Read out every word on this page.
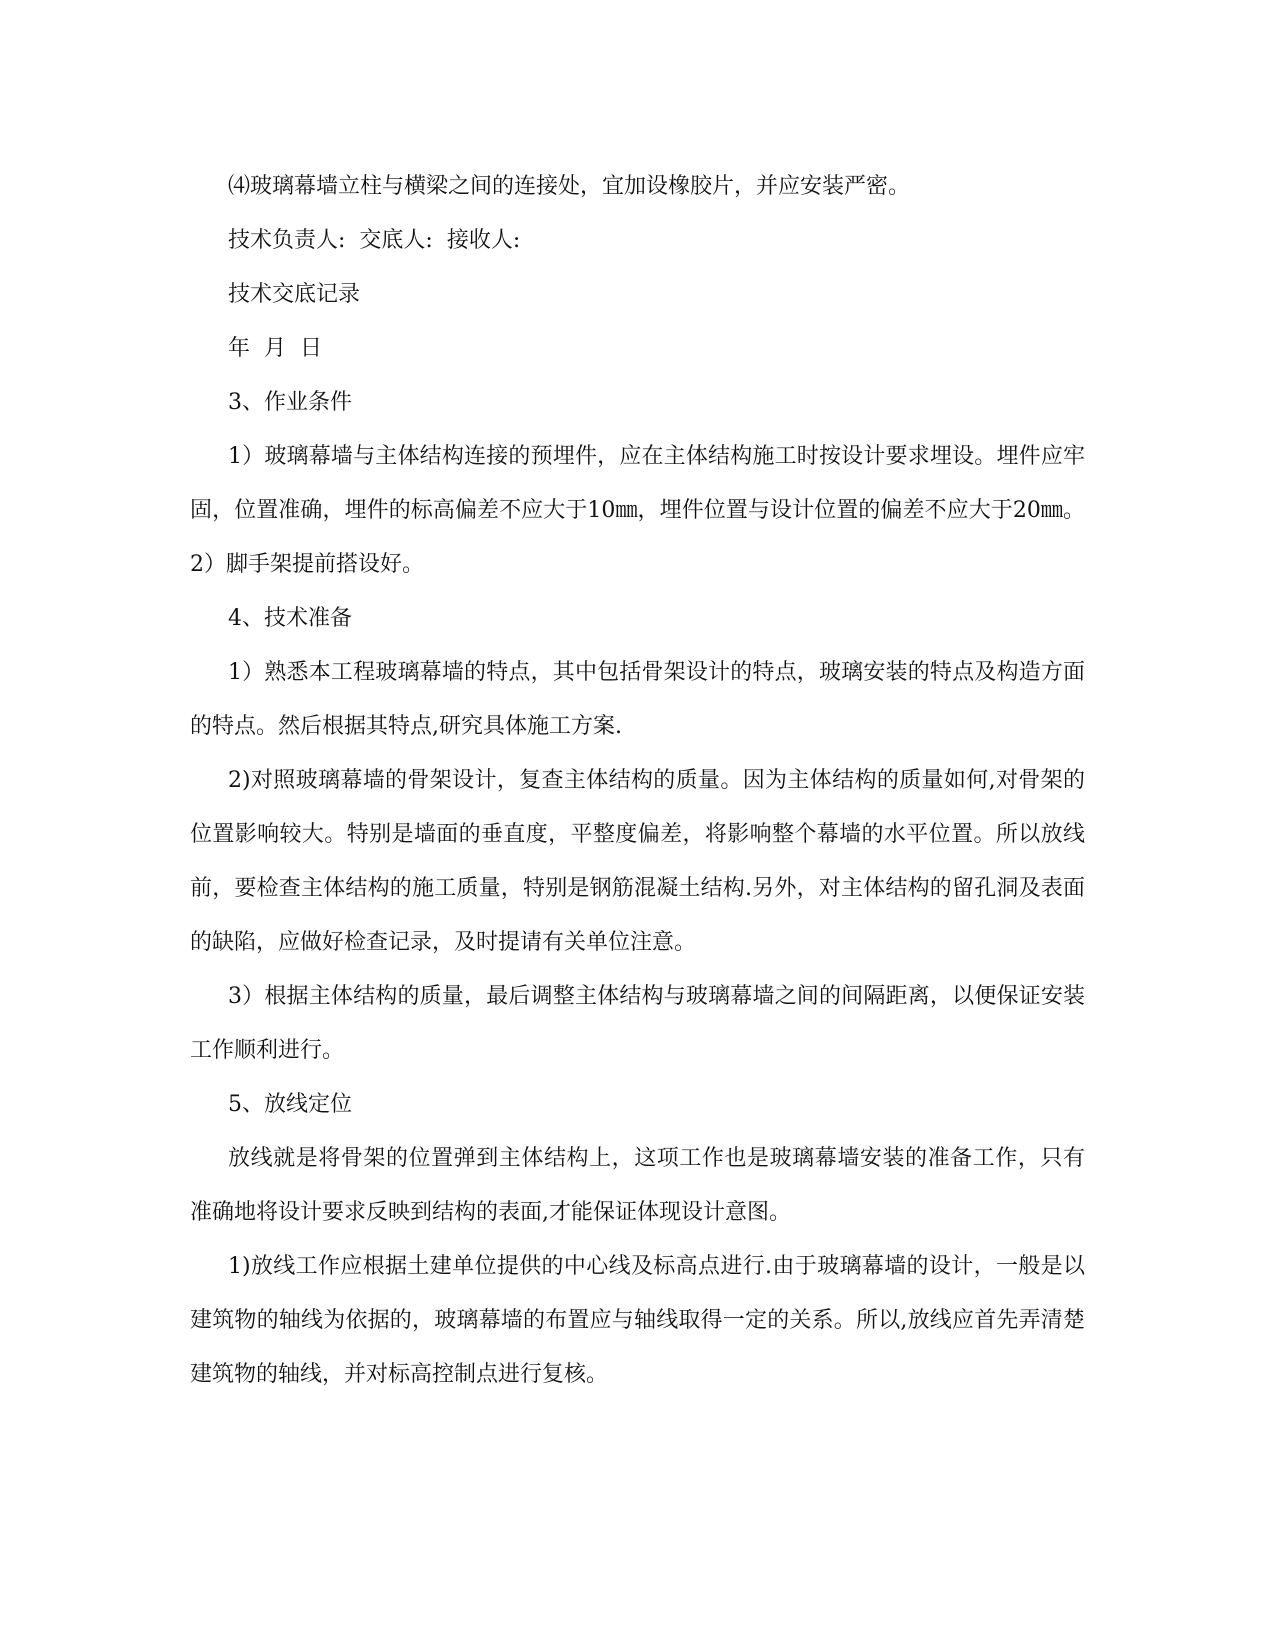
⑷玻璃幕墙立柱与横梁之间的连接处，宜加设橡胶片，并应安装严密。

技术负责人: 交底人: 接收人:

技术交底记录

年 月 日

3、作业条件

1）玻璃幕墙与主体结构连接的预埋件，应在主体结构施工时按设计要求埋设。埋件应牢固，位置准确，埋件的标高偏差不应大于10㎜，埋件位置与设计位置的偏差不应大于20㎜。2）脚手架提前搭设好。

4、技术准备

1）熟悉本工程玻璃幕墙的特点，其中包括骨架设计的特点，玻璃安装的特点及构造方面的特点。然后根据其特点,研究具体施工方案.

2)对照玻璃幕墙的骨架设计，复查主体结构的质量。因为主体结构的质量如何,对骨架的位置影响较大。特别是墙面的垂直度，平整度偏差，将影响整个幕墙的水平位置。所以放线前，要检查主体结构的施工质量，特别是钢筋混凝土结构.另外，对主体结构的留孔洞及表面的缺陷，应做好检查记录，及时提请有关单位注意。

3）根据主体结构的质量，最后调整主体结构与玻璃幕墙之间的间隔距离，以便保证安装工作顺利进行。

5、放线定位

放线就是将骨架的位置弹到主体结构上，这项工作也是玻璃幕墙安装的准备工作，只有准确地将设计要求反映到结构的表面,才能保证体现设计意图。

1)放线工作应根据土建单位提供的中心线及标高点进行.由于玻璃幕墙的设计，一般是以建筑物的轴线为依据的，玻璃幕墙的布置应与轴线取得一定的关系。所以,放线应首先弄清楚建筑物的轴线，并对标高控制点进行复核。
